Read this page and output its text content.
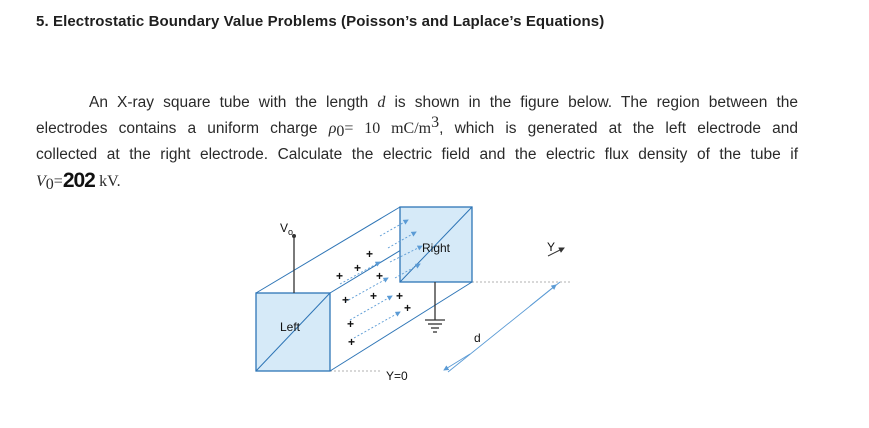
5. Electrostatic Boundary Value Problems (Poisson’s and Laplace’s Equations)
An X-ray square tube with the length d is shown in the figure below. The region between the
electrodes contains a uniform charge $\rho_0= 10$ $mC/m^3$, which is generated at the left electrode and
collected at the right electrode. Calculate the electric field and the electric flux density of the tube if
$V_0=202$ kV.
+
+
+
+
+
+
+
+ +
+
$V_o$
Left
Right	Y
d
Y=0
